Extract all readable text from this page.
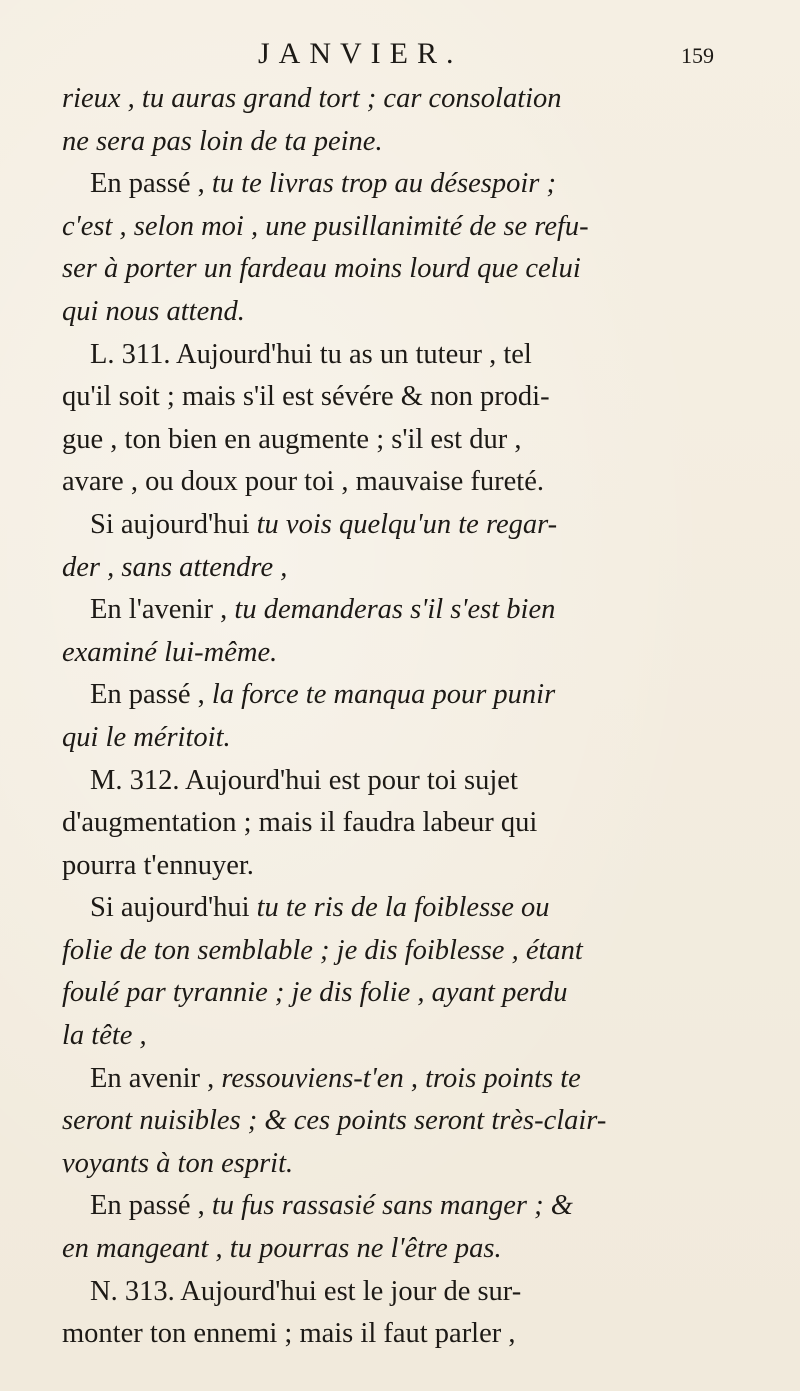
JANVIER.	159
rieux , tu auras grand tort ; car consolation
ne sera pas loin de ta peine.
En passé , tu te livras trop au désespoir ;
c'est , selon moi , une pusillanimité de se refu-
ser à porter un fardeau moins lourd que celui
qui nous attend.
L. 311. Aujourd'hui tu as un tuteur , tel
qu'il soit ; mais s'il est sévére & non prodi-
gue , ton bien en augmente ; s'il est dur ,
avare , ou doux pour toi , mauvaise fureté.
Si aujourd'hui tu vois quelqu'un te regar-
der , sans attendre ,
En l'avenir , tu demanderas s'il s'est bien
examiné lui-même.
En passé , la force te manqua pour punir
qui le méritoit.
M. 312. Aujourd'hui est pour toi sujet
d'augmentation ; mais il faudra labeur qui
pourra t'ennuyer.
Si aujourd'hui tu te ris de la foiblesse ou
folie de ton semblable ; je dis foiblesse , étant
foulé par tyrannie ; je dis folie , ayant perdu
la tête ,
En avenir , ressouviens-t'en , trois points te
seront nuisibles ; & ces points seront très-clair-
voyants à ton esprit.
En passé , tu fus rassasié sans manger ; &
en mangeant , tu pourras ne l'être pas.
N. 313. Aujourd'hui est le jour de sur-
monter ton ennemi ; mais il faut parler ,
